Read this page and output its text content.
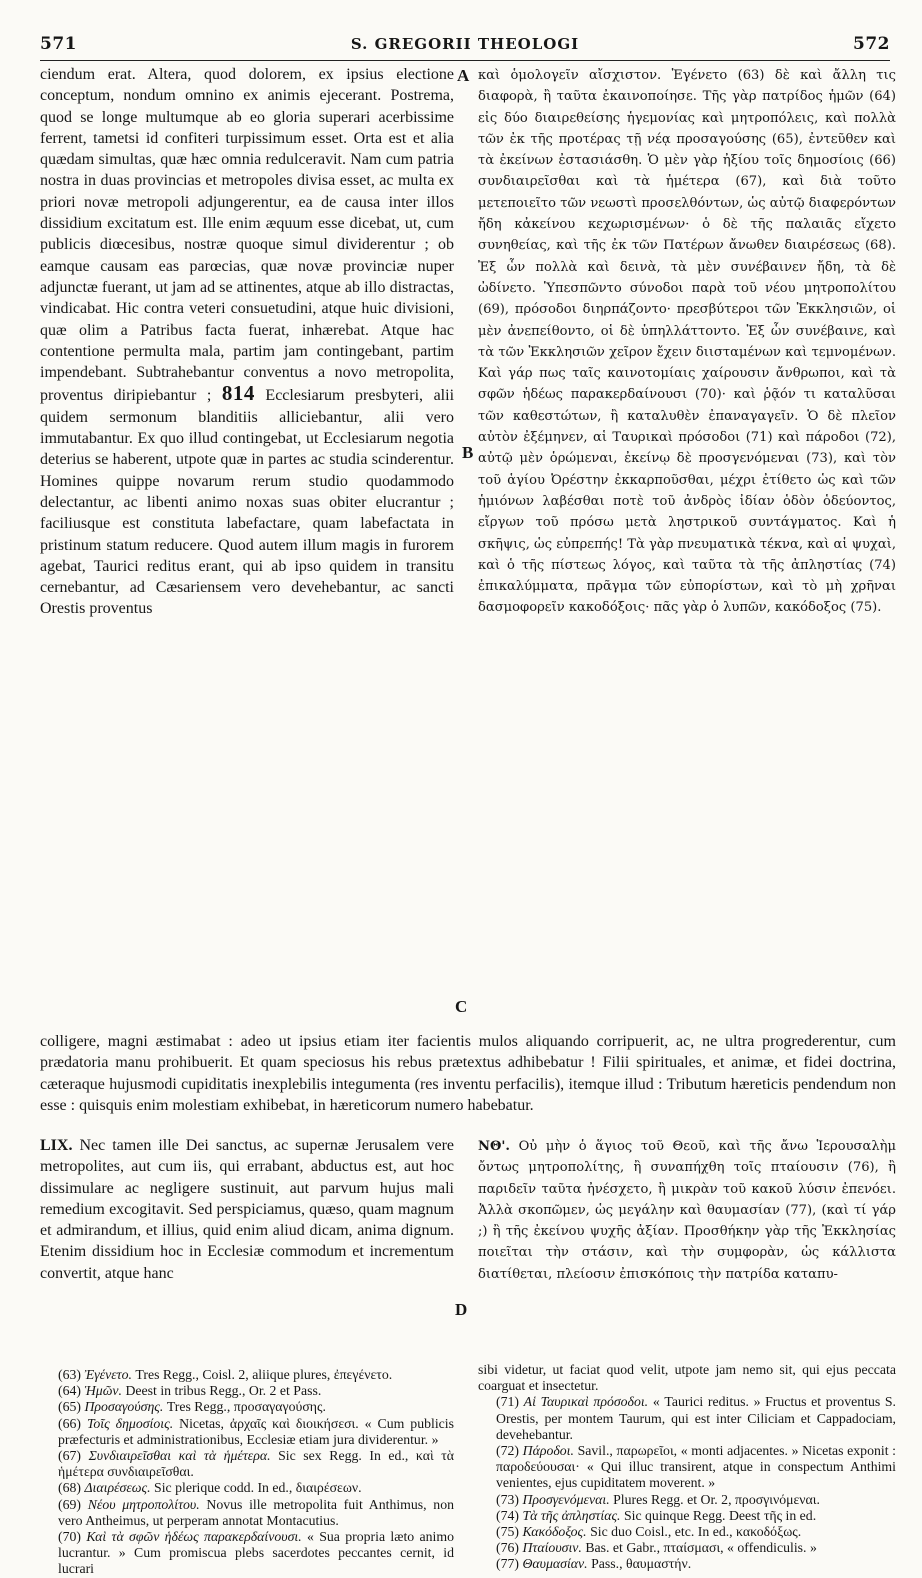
571	S. GREGORII THEOLOGI	572

ciendum erat. Altera, quod dolorem, ex ipsius electione conceptum, nondum omnino ex animis ejecerant. Postrema, quod se longe multumque ab eo gloria superari acerbissime ferrent, tametsi id confiteri turpissimum esset. Orta est et alia quædam simultas, quæ hæc omnia redulceravit. Nam cum patria nostra in duas provincias et metropoles divisa esset, ac multa ex priori novæ metropoli adjungerentur, ea de causa inter illos dissidium excitatum est. Ille enim æquum esse dicebat, ut, cum publicis diœcesibus, nostræ quoque simul dividerentur ; ob eamque causam eas parœcias, quæ novæ provinciæ nuper adjunctæ fuerant, ut jam ad se attinentes, atque ab illo distractas, vindicabat. Hic contra veteri consuetudini, atque huic divisioni, quæ olim a Patribus facta fuerat, inhærebat. Atque hac contentione permulta mala, partim jam contingebant, partim impendebant. Subtrahebantur conventus a novo metropolita, proventus diripiebantur ; 814 Ecclesiarum presbyteri, alii quidem sermonum blanditiis alliciebantur, alii vero immutabantur. Ex quo illud contingebat, ut Ecclesiarum negotia deterius se haberent, utpote quæ in partes ac studia scinderentur. Homines quippe novarum rerum studio quodammodo delectantur, ac libenti animo noxas suas obiter elucrantur ; faciliusque est constituta labefactare, quam labefactata in pristinum statum reducere. Quod autem illum magis in furorem agebat, Taurici reditus erant, qui ab ipso quidem in transitu cernebantur, ad Cæsariensem vero devehebantur, ac sancti Orestis proventus

καὶ ὁμολογεῖν αἴσχιστον. Ἐγένετο (63) δὲ καὶ ἄλλη τις διαφορὰ, ἢ ταῦτα ἐκαινοποίησε. Τῆς γὰρ πατρίδος ἡμῶν (64) εἰς δύο διαιρεθείσης ἡγεμονίας καὶ μητροπόλεις, καὶ πολλὰ τῶν ἐκ τῆς προτέρας τῇ νέᾳ προσαγούσης (65), ἐντεῦθεν καὶ τὰ ἐκείνων ἐστασιάσθη. Ὁ μὲν γὰρ ἠξίου τοῖς δημοσίοις (66) συνδιαιρεῖσθαι καὶ τὰ ἡμέτερα (67), καὶ διὰ τοῦτο μετεποιεῖτο τῶν νεωστὶ προσελθόντων, ὡς αὐτῷ διαφερόντων ἤδη κἀκείνου κεχωρισμένων· ὁ δὲ τῆς παλαιᾶς εἴχετο συνηθείας, καὶ τῆς ἐκ τῶν Πατέρων ἄνωθεν διαιρέσεως (68). Ἐξ ὧν πολλὰ καὶ δεινὰ, τὰ μὲν συνέβαινεν ἤδη, τὰ δὲ ὠδίνετο. Ὑπεσπῶντο σύνοδοι παρὰ τοῦ νέου μητροπολίτου (69), πρόσοδοι διηρπάζοντο· πρεσβύτεροι τῶν Ἐκκλησιῶν, οἱ μὲν ἀνεπείθοντο, οἱ δὲ ὑπηλλάττοντο. Ἐξ ὧν συνέβαινε, καὶ τὰ τῶν Ἐκκλησιῶν χεῖρον ἔχειν διισταμένων καὶ τεμνομένων. Καὶ γάρ πως ταῖς καινοτομίαις χαίρουσιν ἄνθρωποι, καὶ τὰ σφῶν ἡδέως παρακερδαίνουσι (70)· καὶ ῥᾷόν τι καταλῦσαι τῶν καθεστώτων, ἢ καταλυθὲν ἐπαναγαγεῖν. Ὁ δὲ πλεῖον αὐτὸν ἐξέμηνεν, αἱ Ταυρικαὶ πρόσοδοι (71) καὶ πάροδοι (72), αὐτῷ μὲν ὁρώμεναι, ἐκείνῳ δὲ προσγενόμεναι (73), καὶ τὸν τοῦ ἁγίου Ὀρέστην ἐκκαρποῦσθαι, μέχρι ἐτίθετο ὡς καὶ τῶν ἡμιόνων λαβέσθαι ποτὲ τοῦ ἀνδρὸς ἰδίαν ὁδὸν ὁδεύοντος, εἴργων τοῦ πρόσω μετὰ ληστρικοῦ συντάγματος. Καὶ ἡ σκῆψις, ὡς εὐπρεπής! Τὰ γὰρ πνευματικὰ τέκνα, καὶ αἱ ψυχαὶ, καὶ ὁ τῆς πίστεως λόγος, καὶ ταῦτα τὰ τῆς ἀπληστίας (74) ἐπικαλύμματα, πρᾶγμα τῶν εὐπορίστων, καὶ τὸ μὴ χρῆναι δασμοφορεῖν κακοδόξοις· πᾶς γὰρ ὁ λυπῶν, κακόδοξος (75).

A
B
C
D

colligere, magni æstimabat : adeo ut ipsius etiam iter facientis mulos aliquando corripuerit, ac, ne ultra progrederentur, cum prædatoria manu prohibuerit. Et quam speciosus his rebus prætextus adhibebatur ! Filii spirituales, et animæ, et fidei doctrina, cæteraque hujusmodi cupiditatis inexplebilis integumenta (res inventu perfacilis), itemque illud : Tributum hæreticis pendendum non esse : quisquis enim molestiam exhibebat, in hæreticorum numero habebatur.

LIX. Nec tamen ille Dei sanctus, ac supernæ Jerusalem vere metropolites, aut cum iis, qui errabant, abductus est, aut hoc dissimulare ac negligere sustinuit, aut parvum hujus mali remedium excogitavit. Sed perspiciamus, quæso, quam magnum et admirandum, et illius, quid enim aliud dicam, anima dignum. Etenim dissidium hoc in Ecclesiæ commodum et incrementum convertit, atque hanc

ΝΘ'. Οὐ μὴν ὁ ἅγιος τοῦ Θεοῦ, καὶ τῆς ἄνω Ἱερουσαλὴμ ὄντως μητροπολίτης, ἢ συναπήχθη τοῖς πταίουσιν (76), ἢ παριδεῖν ταῦτα ἠνέσχετο, ἢ μικρὰν τοῦ κακοῦ λύσιν ἐπενόει. Ἀλλὰ σκοπῶμεν, ὡς μεγάλην καὶ θαυμασίαν (77), (καὶ τί γάρ ;) ἢ τῆς ἐκείνου ψυχῆς ἀξίαν. Προσθήκην γὰρ τῆς Ἐκκλησίας ποιεῖται τὴν στάσιν, καὶ τὴν συμφορὰν, ὡς κάλλιστα διατίθεται, πλείοσιν ἐπισκόποις τὴν πατρίδα καταπυ-

(63) Ἐγένετο. Tres Regg., Coisl. 2, aliique plures, ἐπεγένετο.

(64) Ἡμῶν. Deest in tribus Regg., Or. 2 et Pass.

(65) Προσαγούσης. Tres Regg., προσαγαγούσης.

(66) Τοῖς δημοσίοις. Nicetas, ἀρχαῖς καὶ διοικήσεσι. « Cum publicis præfecturis et administrationibus, Ecclesiæ etiam jura dividerentur. »

(67) Συνδιαιρεῖσθαι καὶ τὰ ἡμέτερα. Sic sex Regg. In ed., καὶ τὰ ἡμέτερα συνδιαιρεῖσθαι.

(68) Διαιρέσεως. Sic plerique codd. In ed., διαιρέσεων.

(69) Νέου μητροπολίτου. Novus ille metropolita fuit Anthimus, non vero Antheimus, ut perperam annotat Montacutius.

(70) Καὶ τὰ σφῶν ἡδέως παρακερδαίνουσι. « Sua propria læto animo lucrantur. » Cum promiscua plebs sacerdotes peccantes cernit, id lucrari

sibi videtur, ut faciat quod velit, utpote jam nemo sit, qui ejus peccata coarguat et insectetur.

(71) Αἱ Ταυρικαὶ πρόσοδοι. « Taurici reditus. » Fructus et proventus S. Orestis, per montem Taurum, qui est inter Ciliciam et Cappadociam, devehebantur.

(72) Πάροδοι. Savil., παρωρεῖοι, « monti adjacentes. » Nicetas exponit : παροδεύουσαι· « Qui illuc transirent, atque in conspectum Anthimi venientes, ejus cupiditatem moverent. »

(73) Προσγενόμεναι. Plures Regg. et Or. 2, προσγινόμεναι.

(74) Τὰ τῆς ἀπληστίας. Sic quinque Regg. Deest τῆς in ed.

(75) Κακόδοξος. Sic duo Coisl., etc. In ed., κακοδόξως.

(76) Πταίουσιν. Bas. et Gabr., πταίσμασι, « offendiculis. »

(77) Θαυμασίαν. Pass., θαυμαστήν.
